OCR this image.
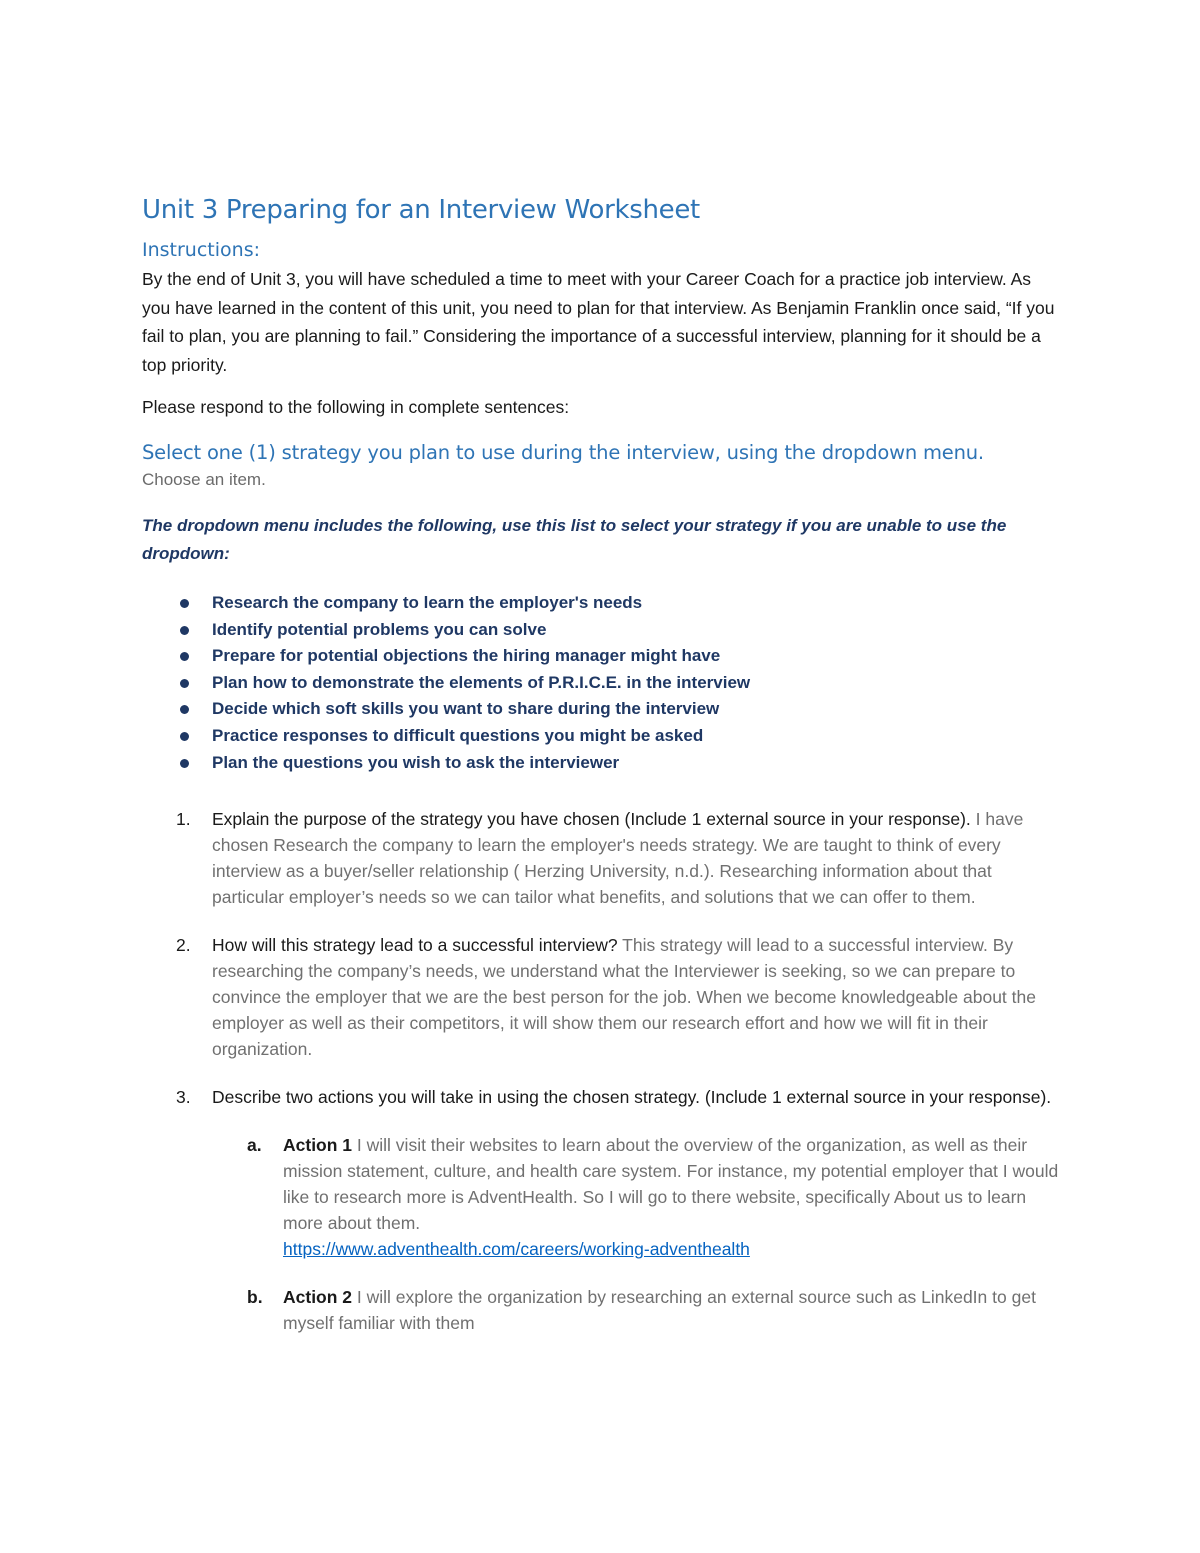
Unit 3 Preparing for an Interview Worksheet
Instructions:

By the end of Unit 3, you will have scheduled a time to meet with your Career Coach for a practice job interview. As you have learned in the content of this unit, you need to plan for that interview. As Benjamin Franklin once said, “If you fail to plan, you are planning to fail.” Considering the importance of a successful interview, planning for it should be a top priority.

Please respond to the following in complete sentences:

Select one (1) strategy you plan to use during the interview, using the dropdown menu.
Choose an item.

The dropdown menu includes the following, use this list to select your strategy if you are unable to use the dropdown:

Research the company to learn the employer's needs
Identify potential problems you can solve
Prepare for potential objections the hiring manager might have
Plan how to demonstrate the elements of P.R.I.C.E. in the interview
Decide which soft skills you want to share during the interview
Practice responses to difficult questions you might be asked
Plan the questions you wish to ask the interviewer
1. Explain the purpose of the strategy you have chosen (Include 1 external source in your response). I have chosen Research the company to learn the employer's needs strategy. We are taught to think of every interview as a buyer/seller relationship ( Herzing University, n.d.). Researching information about that particular employer’s needs so we can tailor what benefits, and solutions that we can offer to them.
2. How will this strategy lead to a successful interview? This strategy will lead to a successful interview. By researching the company’s needs, we understand what the Interviewer is seeking, so we can prepare to convince the employer that we are the best person for the job. When we become knowledgeable about the employer as well as their competitors, it will show them our research effort and how we will fit in their organization.
3. Describe two actions you will take in using the chosen strategy. (Include 1 external source in your response).
a. Action 1 I will visit their websites to learn about the overview of the organization, as well as their mission statement, culture, and health care system. For instance, my potential employer that I would like to research more is AdventHealth. So I will go to there website, specifically About us to learn more about them.
https://www.adventhealth.com/careers/working-adventhealth
b. Action 2 I will explore the organization by researching an external source such as LinkedIn to get myself familiar with them
